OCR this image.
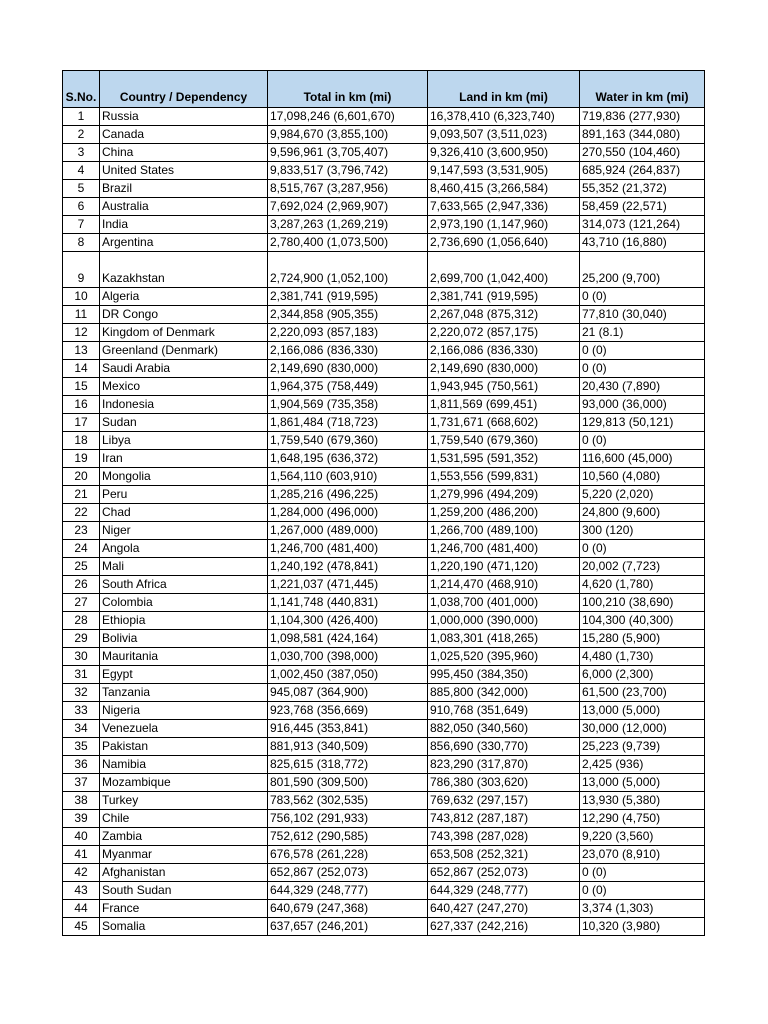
S.No.	Country / Dependency	Total in km (mi)	Land in km (mi)	Water in km (mi)
1	Russia	17,098,246 (6,601,670)	16,378,410 (6,323,740)	719,836 (277,930)
2	Canada	9,984,670 (3,855,100)	9,093,507 (3,511,023)	891,163 (344,080)
3	China	9,596,961 (3,705,407)	9,326,410 (3,600,950)	270,550 (104,460)
4	United States	9,833,517 (3,796,742)	9,147,593 (3,531,905)	685,924 (264,837)
5	Brazil	8,515,767 (3,287,956)	8,460,415 (3,266,584)	55,352 (21,372)
6	Australia	7,692,024 (2,969,907)	7,633,565 (2,947,336)	58,459 (22,571)
7	India	3,287,263 (1,269,219)	2,973,190 (1,147,960)	314,073 (121,264)
8	Argentina	2,780,400 (1,073,500)	2,736,690 (1,056,640)	43,710 (16,880)
9	Kazakhstan	2,724,900 (1,052,100)	2,699,700 (1,042,400)	25,200 (9,700)
10	Algeria	2,381,741 (919,595)	2,381,741 (919,595)	0 (0)
11	DR Congo	2,344,858 (905,355)	2,267,048 (875,312)	77,810 (30,040)
12	Kingdom of Denmark	2,220,093 (857,183)	2,220,072 (857,175)	21 (8.1)
13	Greenland (Denmark)	2,166,086 (836,330)	2,166,086 (836,330)	0 (0)
14	Saudi Arabia	2,149,690 (830,000)	2,149,690 (830,000)	0 (0)
15	Mexico	1,964,375 (758,449)	1,943,945 (750,561)	20,430 (7,890)
16	Indonesia	1,904,569 (735,358)	1,811,569 (699,451)	93,000 (36,000)
17	Sudan	1,861,484 (718,723)	1,731,671 (668,602)	129,813 (50,121)
18	Libya	1,759,540 (679,360)	1,759,540 (679,360)	0 (0)
19	Iran	1,648,195 (636,372)	1,531,595 (591,352)	116,600 (45,000)
20	Mongolia	1,564,110 (603,910)	1,553,556 (599,831)	10,560 (4,080)
21	Peru	1,285,216 (496,225)	1,279,996 (494,209)	5,220 (2,020)
22	Chad	1,284,000 (496,000)	1,259,200 (486,200)	24,800 (9,600)
23	Niger	1,267,000 (489,000)	1,266,700 (489,100)	300 (120)
24	Angola	1,246,700 (481,400)	1,246,700 (481,400)	0 (0)
25	Mali	1,240,192 (478,841)	1,220,190 (471,120)	20,002 (7,723)
26	South Africa	1,221,037 (471,445)	1,214,470 (468,910)	4,620 (1,780)
27	Colombia	1,141,748 (440,831)	1,038,700 (401,000)	100,210 (38,690)
28	Ethiopia	1,104,300 (426,400)	1,000,000 (390,000)	104,300 (40,300)
29	Bolivia	1,098,581 (424,164)	1,083,301 (418,265)	15,280 (5,900)
30	Mauritania	1,030,700 (398,000)	1,025,520 (395,960)	4,480 (1,730)
31	Egypt	1,002,450 (387,050)	995,450 (384,350)	6,000 (2,300)
32	Tanzania	945,087 (364,900)	885,800 (342,000)	61,500 (23,700)
33	Nigeria	923,768 (356,669)	910,768 (351,649)	13,000 (5,000)
34	Venezuela	916,445 (353,841)	882,050 (340,560)	30,000 (12,000)
35	Pakistan	881,913 (340,509)	856,690 (330,770)	25,223 (9,739)
36	Namibia	825,615 (318,772)	823,290 (317,870)	2,425 (936)
37	Mozambique	801,590 (309,500)	786,380 (303,620)	13,000 (5,000)
38	Turkey	783,562 (302,535)	769,632 (297,157)	13,930 (5,380)
39	Chile	756,102 (291,933)	743,812 (287,187)	12,290 (4,750)
40	Zambia	752,612 (290,585)	743,398 (287,028)	9,220 (3,560)
41	Myanmar	676,578 (261,228)	653,508 (252,321)	23,070 (8,910)
42	Afghanistan	652,867 (252,073)	652,867 (252,073)	0 (0)
43	South Sudan	644,329 (248,777)	644,329 (248,777)	0 (0)
44	France	640,679 (247,368)	640,427 (247,270)	3,374 (1,303)
45	Somalia	637,657 (246,201)	627,337 (242,216)	10,320 (3,980)
